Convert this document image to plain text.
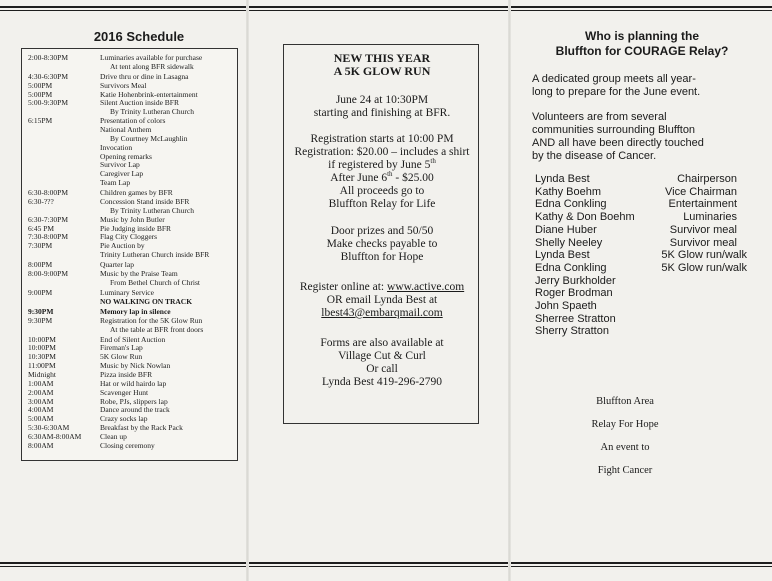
2016 Schedule
2:00-8:30PM	Luminaries available for purchase
At tent along BFR sidewalk
4:30-6:30PM	Drive thru or dine in Lasagna
5:00PM	Survivors Meal
5:00PM	Katie Hohenbrink-entertainment
5:00-9:30PM	Silent Auction inside BFR
By Trinity Lutheran Church
6:15PM	Presentation of colors
National Anthem
By Courtney McLaughlin
Invocation
Opening remarks
Survivor Lap
Caregiver Lap
Team Lap
6:30-8:00PM	Children games by BFR
6:30-???	Concession Stand inside BFR
By Trinity Lutheran Church
6:30-7:30PM	Music by John Butler
6:45 PM	Pie Judging inside BFR
7:30-8:00PM	Flag City Cloggers
7:30PM	Pie Auction by
Trinity Lutheran Church inside BFR
8:00PM	Quarter lap
8:00-9:00PM	Music by the Praise Team
From Bethel Church of Christ
9:00PM	Luminary Service
NO WALKING ON TRACK
9:30PM	Memory lap in silence
9:30PM	Registration for the 5K Glow Run
At the table at BFR front doors
10:00PM	End of Silent Auction
10:00PM	Fireman's Lap
10:30PM	5K Glow Run
11:00PM	Music by Nick Nowlan
Midnight	Pizza inside BFR
1:00AM	Hat or wild hairdo lap
2:00AM	Scavenger Hunt
3:00AM	Robe, PJs, slippers lap
4:00AM	Dance around the track
5:00AM	Crazy socks lap
5:30-6:30AM	Breakfast by the Rack Pack
6:30AM-8:00AM Clean up
8:00AM	Closing ceremony
NEW THIS YEAR
A 5K GLOW RUN
June 24 at 10:30PM
starting and finishing at BFR.
Registration starts at 10:00 PM
Registration: $20.00 – includes a shirt
if registered by June 5th
After June 6th - $25.00
All proceeds go to
Bluffton Relay for Life
Door prizes and 50/50
Make checks payable to
Bluffton for Hope
Register online at: www.active.com
OR email Lynda Best at
lbest43@embarqmail.com
Forms are also available at
Village Cut & Curl
Or call
Lynda Best 419-296-2790
Who is planning the
Bluffton for COURAGE Relay?
A dedicated group meets all year-
long to prepare for the June event.
Volunteers are from several
communities surrounding Bluffton
AND all have been directly touched
by the disease of Cancer.
Lynda Best	Chairperson
Kathy Boehm	Vice Chairman
Edna Conkling	Entertainment
Kathy & Don Boehm	Luminaries
Diane Huber	Survivor meal
Shelly Neeley	Survivor meal
Lynda Best	5K Glow run/walk
Edna Conkling	5K Glow run/walk
Jerry Burkholder
Roger Brodman
John Spaeth
Sherree Stratton
Sherry Stratton
Bluffton Area
Relay For Hope
An event to
Fight Cancer
